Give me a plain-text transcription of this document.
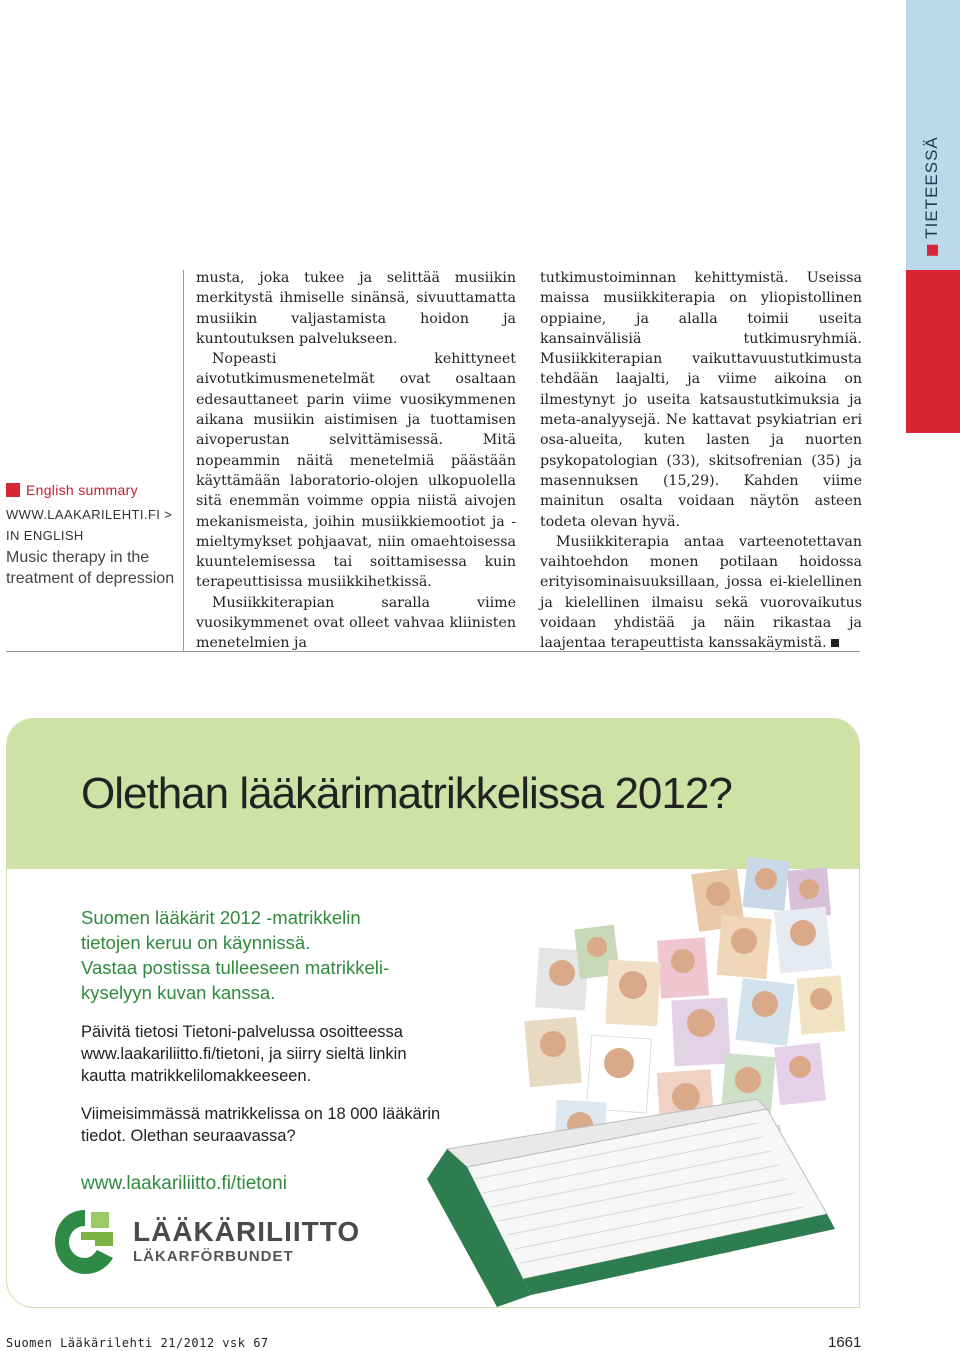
TIETEESSÄ
English summary
WWW.LAAKARILEHTI.FI > IN ENGLISH
Music therapy in the treatment of depression

musta, joka tukee ja selittää musiikin merkitystä ihmiselle sinänsä, sivuuttamatta musiikin valjastamista hoidon ja kuntoutuksen palvelukseen.

Nopeasti kehittyneet aivotutkimusmenetelmät ovat osaltaan edesauttaneet parin viime vuosikymmenen aikana musiikin aistimisen ja tuottamisen aivoperustan selvittämisessä. Mitä nopeammin näitä menetelmiä päästään käyttämään laboratorio-olojen ulkopuolella sitä enemmän voimme oppia niistä aivojen mekanismeista, joihin musiikkiemootiot ja -mieltymykset pohjaavat, niin omaehtoisessa kuuntelemisessa tai soittamisessa kuin terapeuttisissa musiikkihetkissä.

Musiikkiterapian saralla viime vuosikymmenet ovat olleet vahvaa kliinisten menetelmien ja

tutkimustoiminnan kehittymistä. Useissa maissa musiikkiterapia on yliopistollinen oppiaine, ja alalla toimii useita kansainvälisiä tutkimusryhmiä. Musiikkiterapian vaikuttavuustutkimusta tehdään laajalti, ja viime aikoina on ilmestynyt jo useita katsaustutkimuksia ja meta-analyysejä. Ne kattavat psykiatrian eri osa-alueita, kuten lasten ja nuorten psykopatologian (33), skitsofrenian (35) ja masennuksen (15,29). Kahden viime mainitun osalta voidaan näytön asteen todeta olevan hyvä.

Musiikkiterapia antaa varteenotettavan vaihtoehdon monen potilaan hoidossa erityisominaisuuksillaan, jossa ei-kielellinen ja kielellinen ilmaisu sekä vuorovaikutus voidaan yhdistää ja näin rikastaa ja laajentaa terapeuttista kanssakäymistä.

Olethan lääkärimatrikkelissa 2012?
Suomen lääkärit 2012 -matrikkelin
tietojen keruu on käynnissä.
Vastaa postissa tulleeseen matrikkeli-
kyselyyn kuvan kanssa.
Päivitä tietosi Tietoni-palvelussa osoitteessa
www.laakariliitto.fi/tietoni, ja siirry sieltä linkin
kautta matrikkelilomakkeeseen.
Viimeisimmässä matrikkelissa on 18 000 lääkärin
tiedot. Olethan seuraavassa?
www.laakariliitto.fi/tietoni
LÄÄKÄRILIITTO
LÄKARFÖRBUNDET
Suomen Lääkärilehti 21/2012 vsk 67	1661
